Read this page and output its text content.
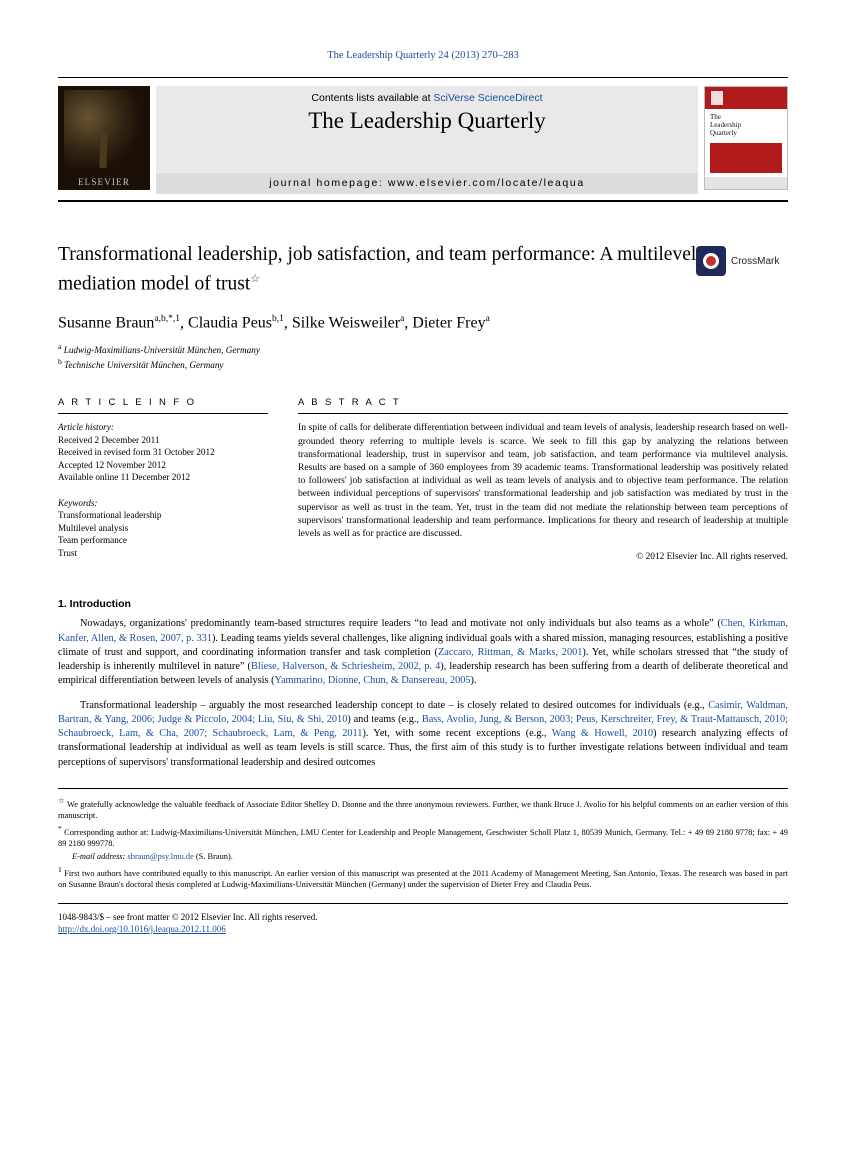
The Leadership Quarterly 24 (2013) 270–283
ELSEVIER
Contents lists available at SciVerse ScienceDirect
The Leadership Quarterly
journal homepage: www.elsevier.com/locate/leaqua
The
Leadership
Quarterly
Transformational leadership, job satisfaction, and team performance: A multilevel mediation model of trust☆
CrossMark
Susanne Braun$^{a,b,*,1}$, Claudia Peus$^{b,1}$, Silke Weisweiler$^a$, Dieter Frey$^a$
$^a$ Ludwig-Maximilians-Universität München, Germany
$^b$ Technische Universität München, Germany
A R T I C L E I N F O
Article history:
Received 2 December 2011
Received in revised form 31 October 2012
Accepted 12 November 2012
Available online 11 December 2012
Keywords:
Transformational leadership
Multilevel analysis
Team performance
Trust
A B S T R A C T
In spite of calls for deliberate differentiation between individual and team levels of analysis, leadership research based on well-grounded theory referring to multiple levels is scarce. We seek to fill this gap by analyzing the relations between transformational leadership, trust in supervisor and team, job satisfaction, and team performance via multilevel analysis. Results are based on a sample of 360 employees from 39 academic teams. Transformational leadership was positively related to followers' job satisfaction at individual as well as team levels of analysis and to objective team performance. The relation between individual perceptions of supervisors' transformational leadership and job satisfaction was mediated by trust in the supervisor as well as trust in the team. Yet, trust in the team did not mediate the relationship between team perceptions of supervisors' transformational leadership and team performance. Implications for theory and research of leadership at multiple levels as well as for practice are discussed.
© 2012 Elsevier Inc. All rights reserved.
1. Introduction

Nowadays, organizations' predominantly team-based structures require leaders “to lead and motivate not only individuals but also teams as a whole” (Chen, Kirkman, Kanfer, Allen, & Rosen, 2007, p. 331). Leading teams yields several challenges, like aligning individual goals with a shared mission, managing resources, establishing a positive climate of trust and support, and coordinating information transfer and task completion (Zaccaro, Rittman, & Marks, 2001). Yet, while scholars stressed that “the study of leadership is inherently multilevel in nature” (Bliese, Halverson, & Schriesheim, 2002, p. 4), leadership research has been suffering from a dearth of deliberate theoretical and empirical differentiation between levels of analysis (Yammarino, Dionne, Chun, & Dansereau, 2005).

Transformational leadership – arguably the most researched leadership concept to date – is closely related to desired outcomes for individuals (e.g., Casimir, Waldman, Bartran, & Yang, 2006; Judge & Piccolo, 2004; Liu, Siu, & Shi, 2010) and teams (e.g., Bass, Avolio, Jung, & Berson, 2003; Peus, Kerschreiter, Frey, & Traut-Mattausch, 2010; Schaubroeck, Lam, & Cha, 2007; Schaubroeck, Lam, & Peng, 2011). Yet, with some recent exceptions (e.g., Wang & Howell, 2010) research analyzing effects of transformational leadership at individual as well as team levels is still scarce. Thus, the first aim of this study is to further investigate relations between individual and team perceptions of supervisors' transformational leadership and desired outcomes

☆ We gratefully acknowledge the valuable feedback of Associate Editor Shelley D. Dionne and the three anonymous reviewers. Further, we thank Bruce J. Avolio for his helpful comments on an earlier version of this manuscript.
* Corresponding author at: Ludwig-Maximilians-Universität München, LMU Center for Leadership and People Management, Geschwister Scholl Platz 1, 80539 Munich, Germany. Tel.: + 49 89 2180 9778; fax: + 49 89 2180 999778.
E-mail address: sbraun@psy.lmu.de (S. Braun).
1 First two authors have contributed equally to this manuscript. An earlier version of this manuscript was presented at the 2011 Academy of Management Meeting, San Antonio, Texas. The research was based in part on Susanne Braun's doctoral thesis completed at Ludwig-Maximilians-Universität München (Germany) under the supervision of Dieter Frey and Claudia Peus.
1048-9843/$ – see front matter © 2012 Elsevier Inc. All rights reserved.
http://dx.doi.org/10.1016/j.leaqua.2012.11.006
